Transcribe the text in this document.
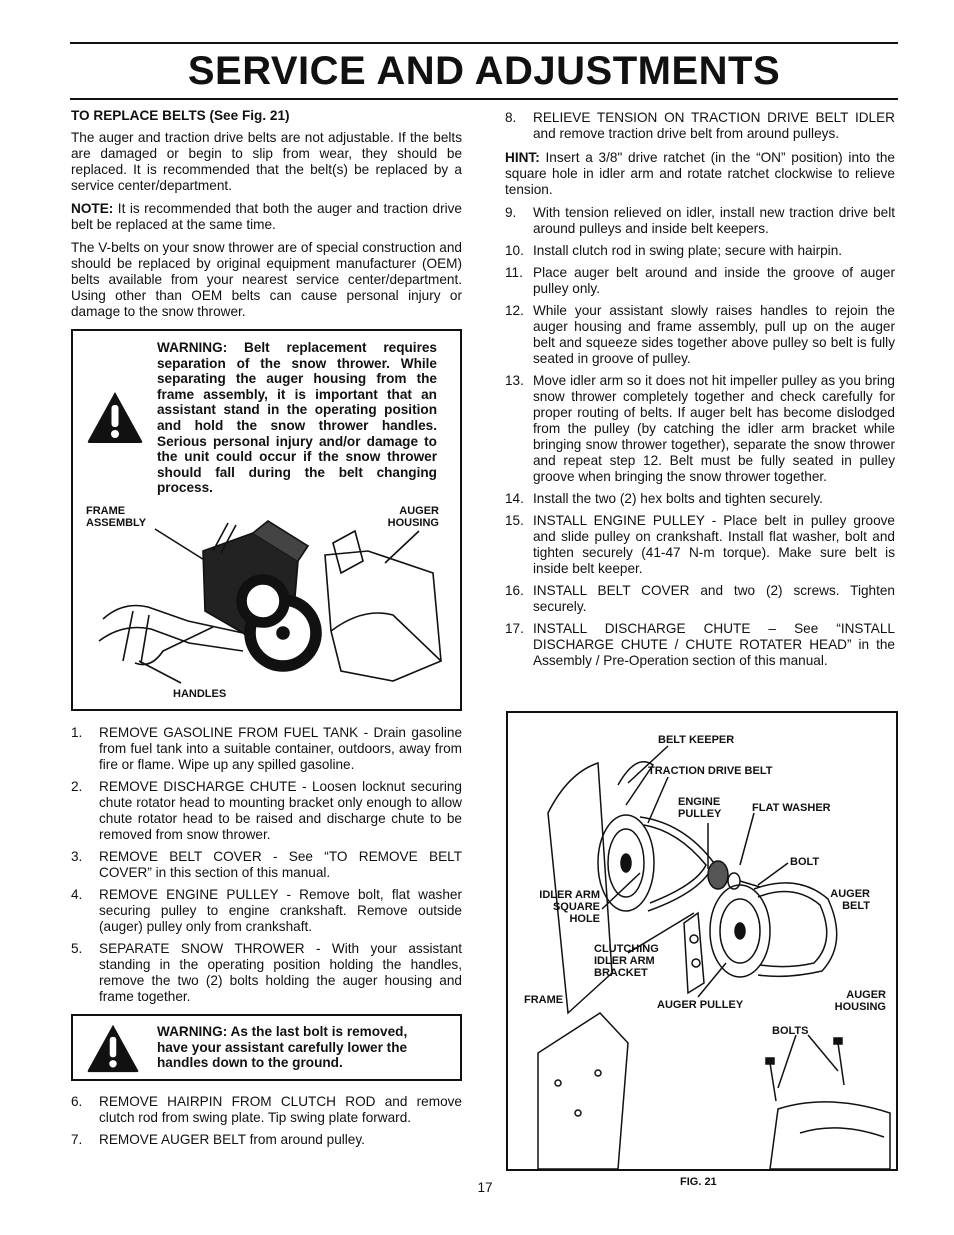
SERVICE AND ADJUSTMENTS

TO REPLACE BELTS (See Fig. 21)

The auger and traction drive belts are not adjustable. If the belts are damaged or begin to slip from wear, they should be replaced. It is recommended that the belt(s) be replaced by a service center/department.

NOTE: It is recommended that both the auger and traction drive belt be replaced at the same time.

The V-belts on your snow thrower are of special construction and should be replaced by original equipment manufacturer (OEM) belts available from your nearest service center/department. Using other than OEM belts can cause personal injury or damage to the snow thrower.

WARNING: Belt replacement requires separation of the snow thrower. While separating the auger housing from the frame assembly, it is important that an assistant stand in the operating position and hold the snow thrower handles. Serious personal injury and/or damage to the unit could occur if the snow thrower should fall during the belt changing process.
FRAME ASSEMBLY
AUGER HOUSING
HANDLES
1. REMOVE GASOLINE FROM FUEL TANK - Drain gasoline from fuel tank into a suitable container, outdoors, away from fire or flame. Wipe up any spilled gasoline.
2. REMOVE DISCHARGE CHUTE - Loosen locknut securing chute rotator head to mounting bracket only enough to allow chute rotator head to be raised and discharge chute to be removed from snow thrower.
3. REMOVE BELT COVER - See “TO REMOVE BELT COVER” in this section of this manual.
4. REMOVE ENGINE PULLEY - Remove bolt, flat washer securing pulley to engine crankshaft. Remove outside (auger) pulley only from crankshaft.
5. SEPARATE SNOW THROWER - With your assistant standing in the operating position holding the handles, remove the two (2) bolts holding the auger housing and frame together.
WARNING: As the last bolt is removed, have your assistant carefully lower the handles down to the ground.
6. REMOVE HAIRPIN FROM CLUTCH ROD and remove clutch rod from swing plate. Tip swing plate forward.
7. REMOVE AUGER BELT from around pulley.
8. RELIEVE TENSION ON TRACTION DRIVE BELT IDLER and remove traction drive belt from around pulleys.

HINT: Insert a 3/8" drive ratchet (in the “ON” position) into the square hole in idler arm and rotate ratchet clockwise to relieve tension.

9. With tension relieved on idler, install new traction drive belt around pulleys and inside belt keepers.
10. Install clutch rod in swing plate; secure with hairpin.
11. Place auger belt around and inside the groove of auger pulley only.
12. While your assistant slowly raises handles to rejoin the auger housing and frame assembly, pull up on the auger belt and squeeze sides together above pulley so belt is fully seated in groove of pulley.
13. Move idler arm so it does not hit impeller pulley as you bring snow thrower completely together and check carefully for proper routing of belts. If auger belt has become dislodged from the pulley (by catching the idler arm bracket while bringing snow thrower together), separate the snow thrower and repeat step 12. Belt must be fully seated in pulley groove when bringing the snow thrower together.
14. Install the two (2) hex bolts and tighten securely.
15. INSTALL ENGINE PULLEY - Place belt in pulley groove and slide pulley on crankshaft. Install flat washer, bolt and tighten securely (41-47 N-m torque). Make sure belt is inside belt keeper.
16. INSTALL BELT COVER and two (2) screws. Tighten securely.
17. INSTALL DISCHARGE CHUTE – See “INSTALL DISCHARGE CHUTE / CHUTE ROTATER HEAD” in the Assembly / Pre-Operation section of this manual.
BELT KEEPER
TRACTION DRIVE BELT
ENGINE PULLEY	FLAT WASHER
BOLT
IDLER ARM SQUARE HOLE
AUGER BELT
CLUTCHING IDLER ARM BRACKET
FRAME	AUGER PULLEY
AUGER HOUSING
BOLTS
FIG. 21
17
